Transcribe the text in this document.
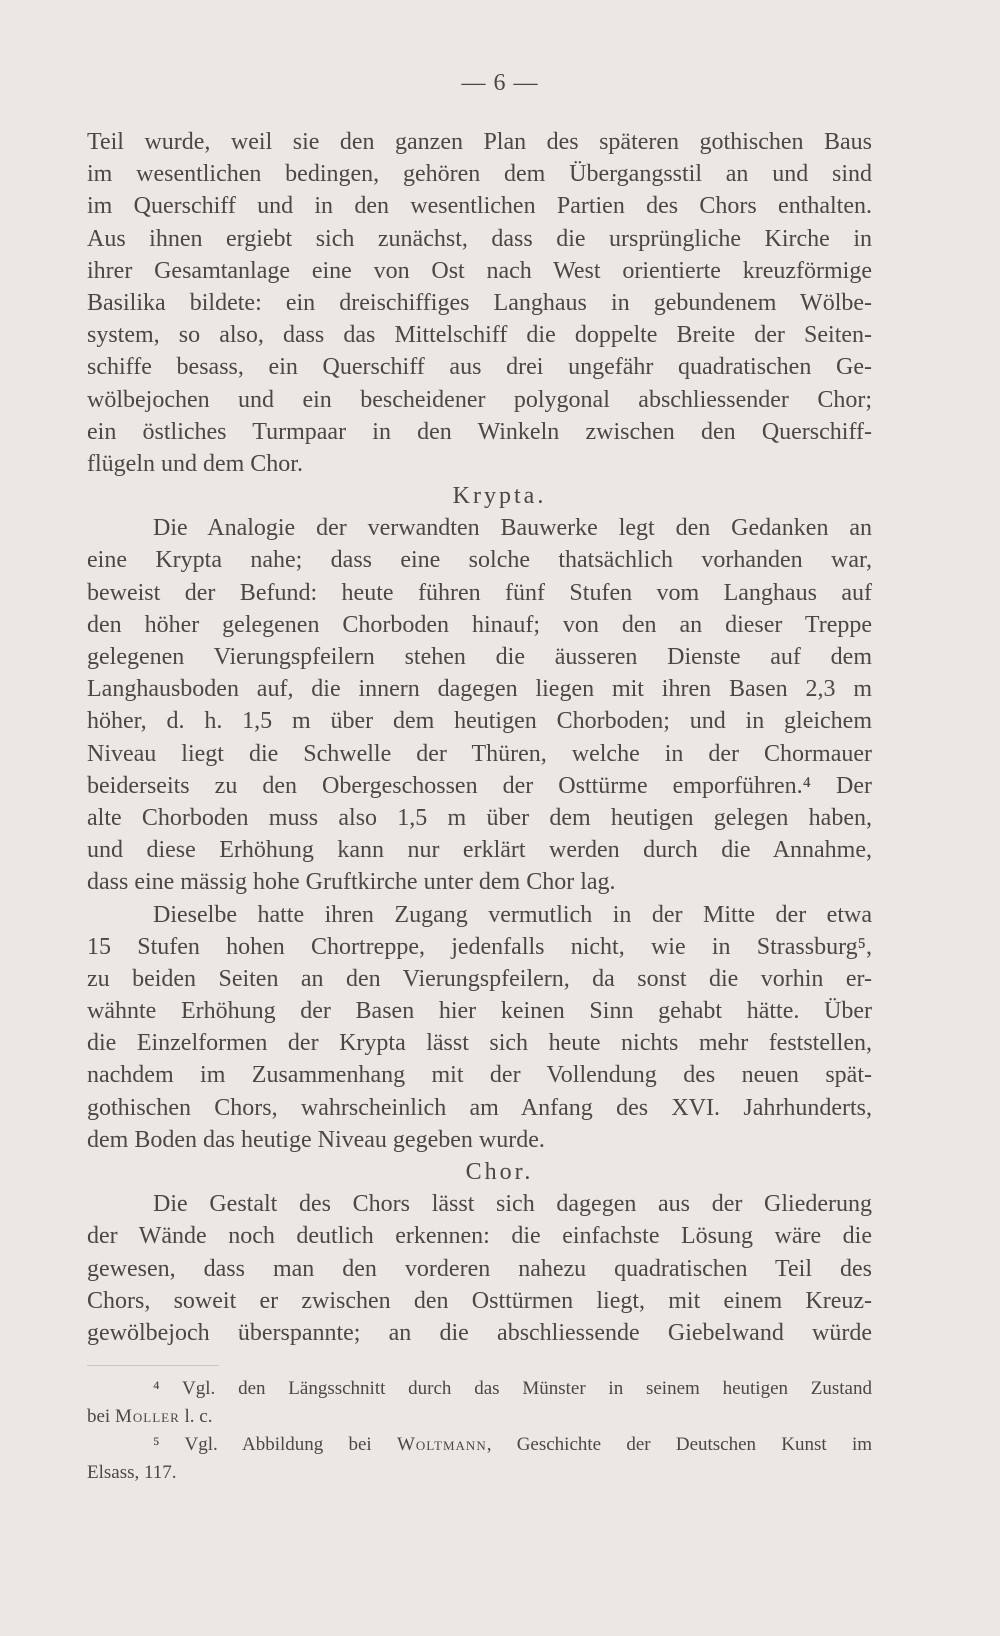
— 6 —
Teil wurde, weil sie den ganzen Plan des späteren gothischen Baus
im wesentlichen bedingen, gehören dem Übergangsstil an und sind
im Querschiff und in den wesentlichen Partien des Chors enthalten.
Aus ihnen ergiebt sich zunächst, dass die ursprüngliche Kirche in
ihrer Gesamtanlage eine von Ost nach West orientierte kreuzförmige
Basilika bildete: ein dreischiffiges Langhaus in gebundenem Wölbe-
system, so also, dass das Mittelschiff die doppelte Breite der Seiten-
schiffe besass, ein Querschiff aus drei ungefähr quadratischen Ge-
wölbejochen und ein bescheidener polygonal abschliessender Chor;
ein östliches Turmpaar in den Winkeln zwischen den Querschiff-
flügeln und dem Chor.
Krypta.
Die Analogie der verwandten Bauwerke legt den Gedanken an
eine Krypta nahe; dass eine solche thatsächlich vorhanden war,
beweist der Befund: heute führen fünf Stufen vom Langhaus auf
den höher gelegenen Chorboden hinauf; von den an dieser Treppe
gelegenen Vierungspfeilern stehen die äusseren Dienste auf dem
Langhausboden auf, die innern dagegen liegen mit ihren Basen 2,3 m
höher, d. h. 1,5 m über dem heutigen Chorboden; und in gleichem
Niveau liegt die Schwelle der Thüren, welche in der Chormauer
beiderseits zu den Obergeschossen der Osttürme emporführen.⁴ Der
alte Chorboden muss also 1,5 m über dem heutigen gelegen haben,
und diese Erhöhung kann nur erklärt werden durch die Annahme,
dass eine mässig hohe Gruftkirche unter dem Chor lag.
Dieselbe hatte ihren Zugang vermutlich in der Mitte der etwa
15 Stufen hohen Chortreppe, jedenfalls nicht, wie in Strassburg⁵,
zu beiden Seiten an den Vierungspfeilern, da sonst die vorhin er-
wähnte Erhöhung der Basen hier keinen Sinn gehabt hätte. Über
die Einzelformen der Krypta lässt sich heute nichts mehr feststellen,
nachdem im Zusammenhang mit der Vollendung des neuen spät-
gothischen Chors, wahrscheinlich am Anfang des XVI. Jahrhunderts,
dem Boden das heutige Niveau gegeben wurde.
Chor.
Die Gestalt des Chors lässt sich dagegen aus der Gliederung
der Wände noch deutlich erkennen: die einfachste Lösung wäre die
gewesen, dass man den vorderen nahezu quadratischen Teil des
Chors, soweit er zwischen den Osttürmen liegt, mit einem Kreuz-
gewölbejoch überspannte; an die abschliessende Giebelwand würde
⁴ Vgl. den Längsschnitt durch das Münster in seinem heutigen Zustand
bei Moller l. c.
⁵ Vgl. Abbildung bei Woltmann, Geschichte der Deutschen Kunst im
Elsass, 117.
